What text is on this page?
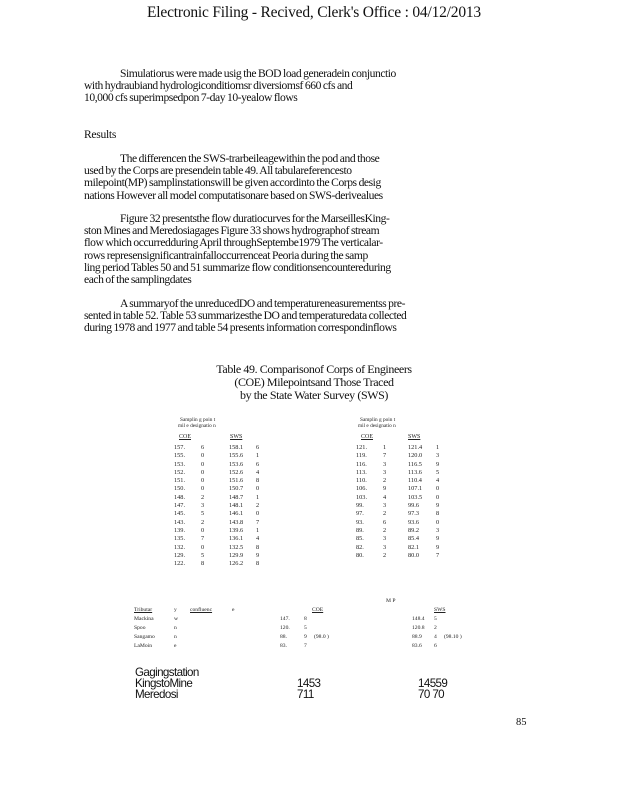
Electronic Filing - Recived, Clerk's Office : 04/12/2013
Simulatiorus were made usig the BOD load generadein conjunctio
with hydraubiand hydrologiconditiomsr diversiomsf 660 cfs and
10,000 cfs superimpsedpon 7-day 10-yealow flows
Results
The differencen the SWS-trarbeileagewithin the pod and those
used by the Corps are presendein table 49. All tabulareferencesto
milepoint(MP) samplinstationswill be given accordinto the Corps desig
nations However all model computatisonare based on SWS-derivealues
Figure 32 presentsthe flow duratiocurves for the MarseillesKing-
ston Mines and Meredosiagages Figure 33 shows hydrographof stream
flow which occurredduring April throughSeptembe1979 The verticalar-
rows represensignificantrainfalloccurrenceat Peoria during the samp
ling period Tables 50 and 51 summarize flow conditionsencountereduring
each of the samplingdates
A summaryof the unreducedDO and temperatureneasurementss pre-
sented in table 52. Table 53 summarizesthe DO and temperaturedata collected
during 1978 and 1977 and table 54 presents information correspondinflows
Table 49. Comparisonof Corps of Engineers
(COE) Milepointsand Those Traced
by the State Water Survey (SWS)
Samplin g poin t
mil e designatio n
COE	SWS
157.	6	158.1 6
155.	0	155.6 1
153.	0	153.6 6
152.	0	152.6 4
151.	0	151.6 8
150.	0	150.7 0
148.	2	148.7 1
147.	3	148.1 2
145.	5	146.1 0
143.	2	143.8 7
139.	0	139.6 1
135.	7	136.1 4
132.	0	132.5 8
129.	5	129.9 9
122.	8	126.2 8
Samplin g poin t
mil e designatio n
COE	SWS
121.	1	121.4 1
119.	7	120.0 3
116.	3	116.5 9
113.	3	113.6 5
110.	2	110.4 4
106.	9	107.1 0
103.	4	103.5 0
99.	3	99.6	9
97.	2	97.3	8
93.	6	93.6	0
89.	2	89.2	3
85.	3	85.4	9
82.	3	82.1	9
80.	2	80.0	7
M P
Tributar	y confluenc	e	COE	SWS
Mackina	w	147.	8	148.4 5
Spoo	n	120.	5	120.8 2
Sangamo	n	88.	9 (98.0 )	88.9 4 (98.10 )
LaMoin	e	83.	7	83.6 6
Gagingstation
KingstoMine	1453	14559
Meredosi	711	70 70
85
